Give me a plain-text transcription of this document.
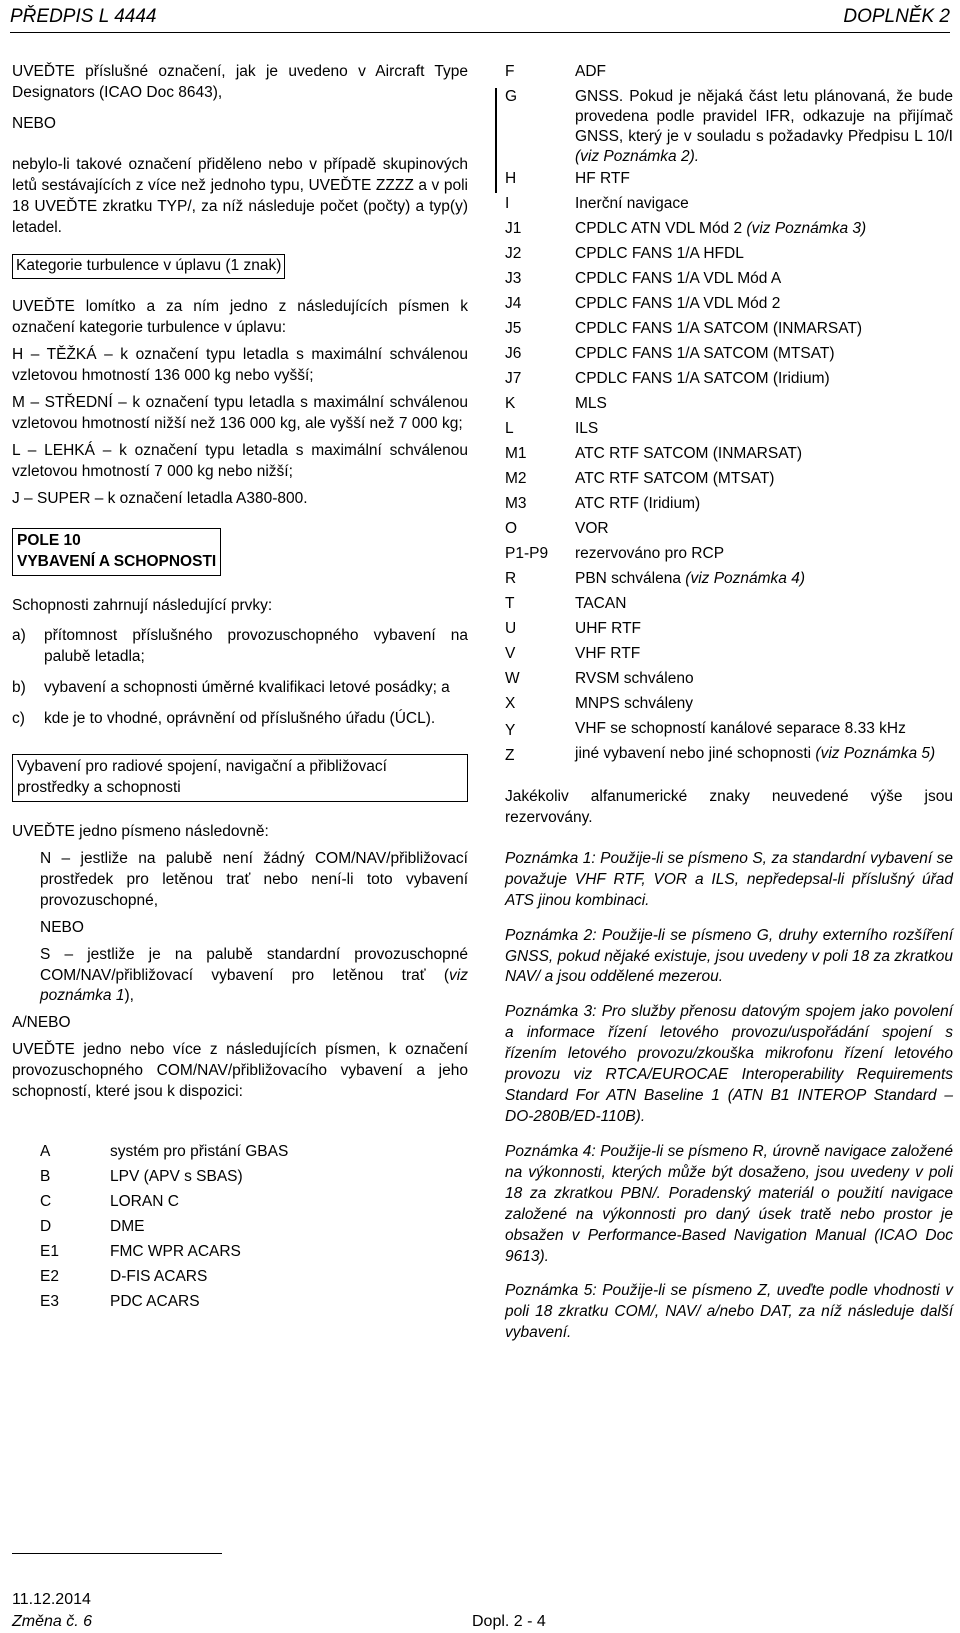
PŘEDPIS L 4444	DOPLNĚK 2

UVEĎTE příslušné označení, jak je uvedeno v Aircraft Type Designators (ICAO Doc 8643),

NEBO

nebylo-li takové označení přiděleno nebo v případě skupinových letů sestávajících z více než jednoho typu, UVEĎTE ZZZZ a v poli 18 UVEĎTE zkratku TYP/, za níž následuje počet (počty) a typ(y) letadel.

Kategorie turbulence v úplavu (1 znak)

UVEĎTE lomítko a za ním jedno z následujících písmen k označení kategorie turbulence v úplavu:

H – TĚŽKÁ – k označení typu letadla s maximální schválenou vzletovou hmotností 136 000 kg nebo vyšší;

M – STŘEDNÍ – k označení typu letadla s maximální schválenou vzletovou hmotností nižší než 136 000 kg, ale vyšší než 7 000 kg;

L – LEHKÁ – k označení typu letadla s maximální schválenou vzletovou hmotností 7 000 kg nebo nižší;

J – SUPER – k označení letadla A380-800.

POLE 10
VYBAVENÍ A SCHOPNOSTI

Schopnosti zahrnují následující prvky:

a)	přítomnost příslušného provozuschopného vybavení na palubě letadla;
b)	vybavení a schopnosti úměrné kvalifikaci letové posádky; a
c)	kde je to vhodné, oprávnění od příslušného úřadu (ÚCL).
Vybavení pro radiové spojení, navigační a přibližovací prostředky a schopnosti

UVEĎTE jedno písmeno následovně:

N – jestliže na palubě není žádný COM/NAV/přibližovací prostředek pro letěnou trať nebo není-li toto vybavení provozuschopné,

NEBO

S – jestliže je na palubě standardní provozuschopné COM/NAV/přibližovací vybavení pro letěnou trať (viz poznámka 1),

A/NEBO

UVEĎTE jedno nebo více z následujících písmen, k označení provozuschopného COM/NAV/přibližovacího vybavení a jeho schopností, které jsou k dispozici:

A	systém pro přistání GBAS
B	LPV (APV s SBAS)
C	LORAN C
D	DME
E1	FMC WPR ACARS
E2	D-FIS ACARS
E3	PDC ACARS
F	ADF
G	GNSS. Pokud je nějaká část letu plánovaná, že bude provedena podle pravidel IFR, odkazuje na přijímač GNSS, který je v souladu s požadavky Předpisu L 10/I (viz Poznámka 2).
H	HF RTF
I	Inerční navigace
J1	CPDLC ATN VDL Mód 2 (viz Poznámka 3)
J2	CPDLC FANS 1/A HFDL
J3	CPDLC FANS 1/A VDL Mód A
J4	CPDLC FANS 1/A VDL Mód 2
J5	CPDLC FANS 1/A SATCOM (INMARSAT)
J6	CPDLC FANS 1/A SATCOM (MTSAT)
J7	CPDLC FANS 1/A SATCOM (Iridium)
K	MLS
L	ILS
M1	ATC RTF SATCOM (INMARSAT)
M2	ATC RTF SATCOM (MTSAT)
M3	ATC RTF (Iridium)
O	VOR
P1-P9	rezervováno pro RCP
R	PBN schválena (viz Poznámka 4)
T	TACAN
U	UHF RTF
V	VHF RTF
W	RVSM schváleno
X	MNPS schváleny
Y	VHF se schopností kanálové separace 8.33 kHz
Z	jiné vybavení nebo jiné schopnosti (viz Poznámka 5)

Jakékoliv alfanumerické znaky neuvedené výše jsou rezervovány.

Poznámka 1: Použije-li se písmeno S, za standardní vybavení se považuje VHF RTF, VOR a ILS, nepředepsal-li příslušný úřad ATS jinou kombinaci.

Poznámka 2: Použije-li se písmeno G, druhy externího rozšíření GNSS, pokud nějaké existuje, jsou uvedeny v poli 18 za zkratkou NAV/ a jsou oddělené mezerou.

Poznámka 3: Pro služby přenosu datovým spojem jako povolení a informace řízení letového provozu/uspořádání spojení s řízením letového provozu/zkouška mikrofonu řízení letového provozu viz RTCA/EUROCAE Interoperability Requirements Standard For ATN Baseline 1 (ATN B1 INTEROP Standard – DO-280B/ED-110B).

Poznámka 4: Použije-li se písmeno R, úrovně navigace založené na výkonnosti, kterých může být dosaženo, jsou uvedeny v poli 18 za zkratkou PBN/. Poradenský materiál o použití navigace založené na výkonnosti pro daný úsek tratě nebo prostor je obsažen v Performance-Based Navigation Manual (ICAO Doc 9613).

Poznámka 5: Použije-li se písmeno Z, uveďte podle vhodnosti v poli 18 zkratku COM/, NAV/ a/nebo DAT, za níž následuje další vybavení.

11.12.2014
Změna č. 6	Dopl. 2 - 4
